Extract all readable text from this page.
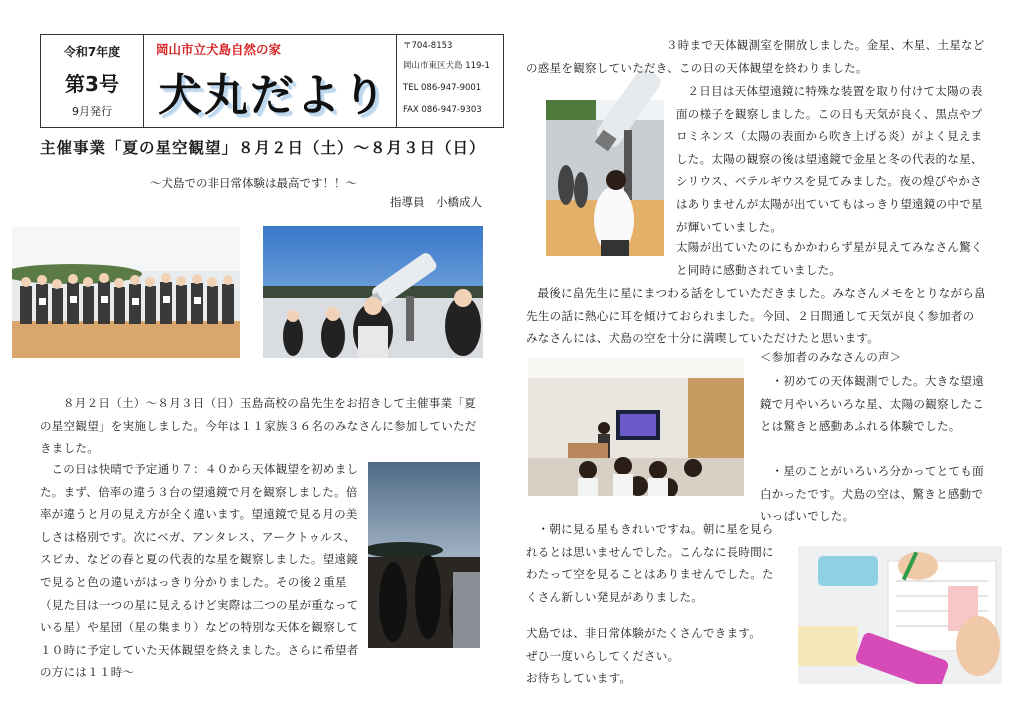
令和7年度
第3号
9月発行
岡山市立犬島自然の家
犬丸だより
〒704-8153
岡山市東区犬島 119-1
TEL 086-947-9001
FAX 086-947-9303
主催事業「夏の星空観望」８月２日（土）～８月３日（日）
～犬島での非日常体験は最高です！！～
指導員　小橋成人
８月２日（土）～８月３日（日）玉島高校の畠先生をお招きして主催事業「夏の星空観望」を実施しました。今年は１１家族３６名のみなさんに参加していただきました。
この日は快晴で予定通り７：４０から天体観望を初めました。まず、倍率の違う３台の望遠鏡で月を観察しました。倍率が違うと月の見え方が全く違います。望遠鏡で見る月の美しさは格別です。次にベガ、アンタレス、アークトゥルス、スピカ、などの春と夏の代表的な星を観察しました。望遠鏡で見ると色の違いがはっきり分かりました。その後２重星（見た目は一つの星に見えるけど実際は二つの星が重なっている星）や星団（星の集まり）などの特別な天体を観察して１０時に予定していた天体観望を終えました。さらに希望者の方には１１時～
３時まで天体観測室を開放しました。金星、木星、土星などの惑星を観察していただき、この日の天体観望を終わりました。
２日目は天体望遠鏡に特殊な装置を取り付けて太陽の表面の様子を観察しました。この日も天気が良く、黒点やプロミネンス（太陽の表面から吹き上げる炎）がよく見えました。太陽の観察の後は望遠鏡で金星と冬の代表的な星、シリウス、ベテルギウスを見てみました。夜の煌びやかさはありませんが太陽が出ていてもはっきり望遠鏡の中で星が輝いていました。
太陽が出ていたのにもかかわらず星が見えてみなさん驚くと同時に感動されていました。
最後に畠先生に星にまつわる話をしていただきました。みなさんメモをとりながら畠先生の話に熱心に耳を傾けておられました。今回、２日間通して天気が良く参加者のみなさんには、犬島の空を十分に満喫していただけたと思います。
＜参加者のみなさんの声＞
・初めての天体観測でした。大きな望遠鏡で月やいろいろな星、太陽の観察したことは驚きと感動あふれる体験でした。
・星のことがいろいろ分かってとても面白かったです。犬島の空は、驚きと感動でいっぱいでした。
・朝に見る星もきれいですね。朝に星を見られるとは思いませんでした。こんなに長時間にわたって空を見ることはありませんでした。たくさん新しい発見がありました。
犬島では、非日常体験がたくさんできます。
ぜひ一度いらしてください。
お待ちしています。
